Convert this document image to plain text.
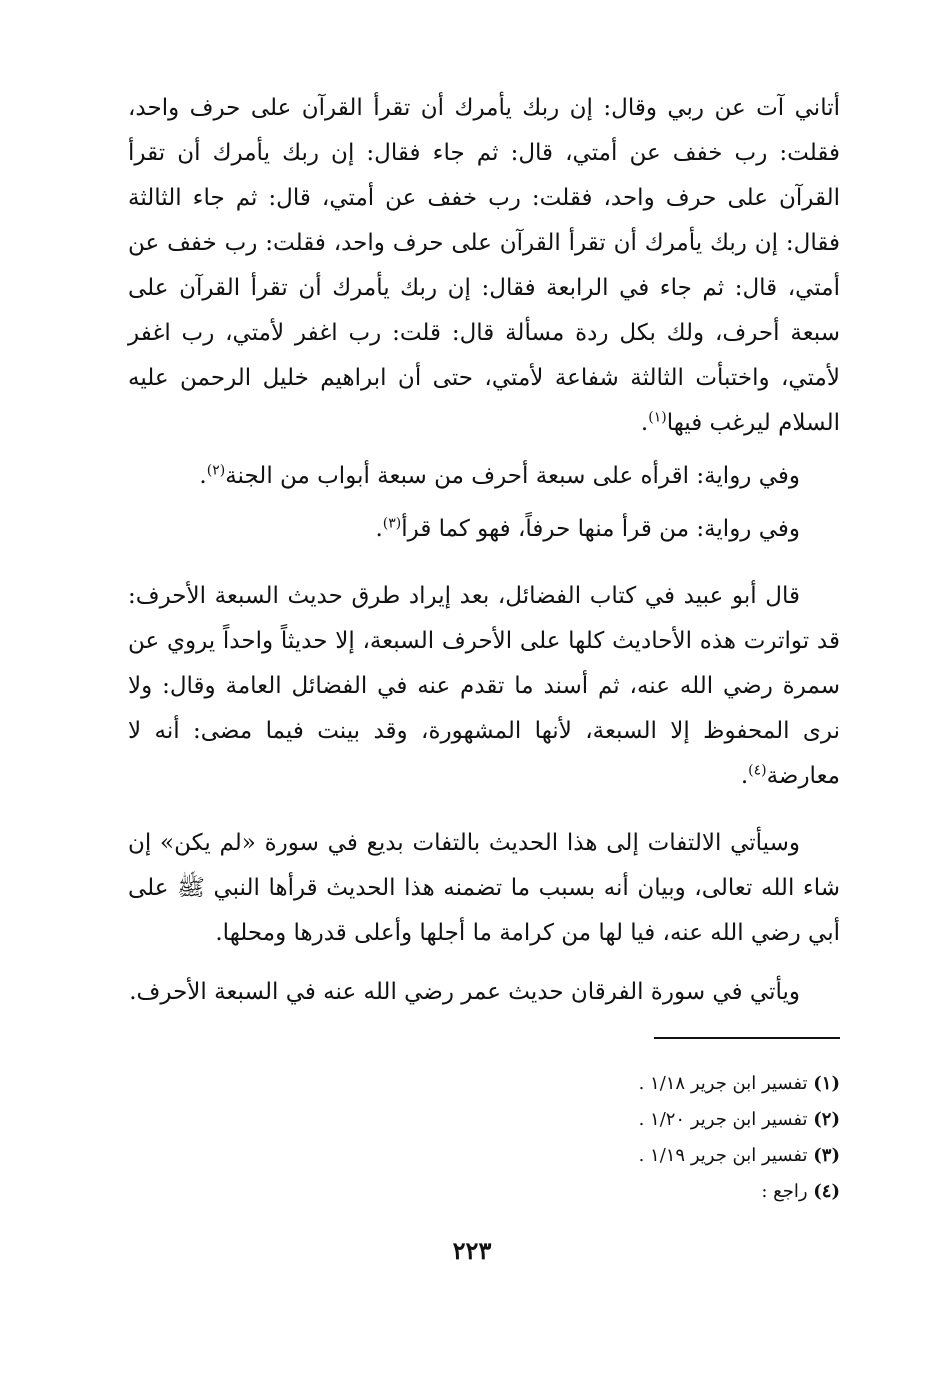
أتاني آت عن ربي وقال: إن ربك يأمرك أن تقرأ القرآن على حرف واحد، فقلت: رب خفف عن أمتي، قال: ثم جاء فقال: إن ربك يأمرك أن تقرأ القرآن على حرف واحد، فقلت: رب خفف عن أمتي، قال: ثم جاء الثالثة فقال: إن ربك يأمرك أن تقرأ القرآن على حرف واحد، فقلت: رب خفف عن أمتي، قال: ثم جاء في الرابعة فقال: إن ربك يأمرك أن تقرأ القرآن على سبعة أحرف، ولك بكل ردة مسألة قال: قلت: رب اغفر لأمتي، رب اغفر لأمتي، واختبأت الثالثة شفاعة لأمتي، حتى أن ابراهيم خليل الرحمن عليه السلام ليرغب فيها$^{(١)}$.

وفي رواية: اقرأه على سبعة أحرف من سبعة أبواب من الجنة$^{(٢)}$.

وفي رواية: من قرأ منها حرفاً، فهو كما قرأ$^{(٣)}$.

قال أبو عبيد في كتاب الفضائل، بعد إيراد طرق حديث السبعة الأحرف: قد تواترت هذه الأحاديث كلها على الأحرف السبعة، إلا حديثاً واحداً يروي عن سمرة رضي الله عنه، ثم أسند ما تقدم عنه في الفضائل العامة وقال: ولا نرى المحفوظ إلا السبعة، لأنها المشهورة، وقد بينت فيما مضى: أنه لا معارضة$^{(٤)}$.

وسيأتي الالتفات إلى هذا الحديث بالتفات بديع في سورة «لم يكن» إن شاء الله تعالى، وبيان أنه بسبب ما تضمنه هذا الحديث قرأها النبي ﷺ على أبي رضي الله عنه، فيا لها من كرامة ما أجلها وأعلى قدرها ومحلها.

ويأتي في سورة الفرقان حديث عمر رضي الله عنه في السبعة الأحرف.

(١) تفسير ابن جرير ١/١٨ .
(٢) تفسير ابن جرير ١/٢٠ .
(٣) تفسير ابن جرير ١/١٩ .
(٤) راجع :
٢٢٣
